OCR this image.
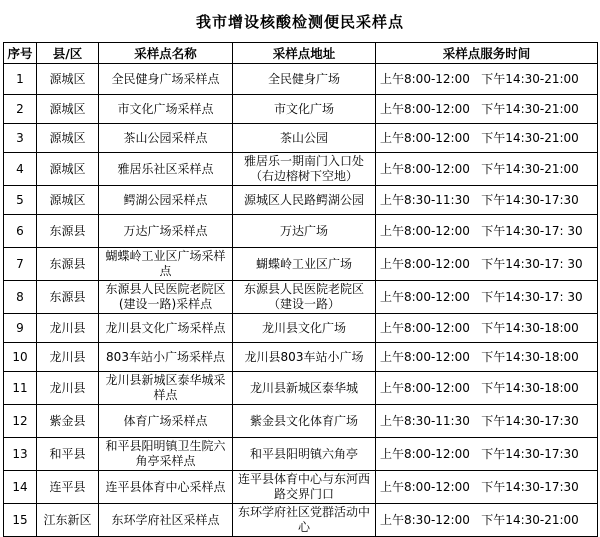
我市增设核酸检测便民采样点
序号	县/区	采样点名称	采样点地址	采样点服务时间
1	源城区	全民健身广场采样点	全民健身广场	上午8:00-12:00   下午14:30-21:00
2	源城区	市文化广场采样点	市文化广场	上午8:00-12:00   下午14:30-21:00
3	源城区	茶山公园采样点	茶山公园	上午8:00-12:00   下午14:30-21:00
4	源城区	雅居乐社区采样点	雅居乐一期南门入口处（右边榕树下空地）	上午8:00-12:00   下午14:30-21:00
5	源城区	鳄湖公园采样点	源城区人民路鳄湖公园	上午8:30-11:30   下午14:30-17:30
6	东源县	万达广场采样点	万达广场	上午8:00-12:00   下午14:30-17: 30
7	东源县	蝴蝶岭工业区广场采样点	蝴蝶岭工业区广场	上午8:00-12:00   下午14:30-17: 30
8	东源县	东源县人民医院老院区(建设一路)采样点	东源县人民医院老院区（建设一路）	上午8:00-12:00   下午14:30-17: 30
9	龙川县	龙川县文化广场采样点	龙川县文化广场	上午8:00-12:00   下午14:30-18:00
10	龙川县	803车站小广场采样点	龙川县803车站小广场	上午8:00-12:00   下午14:30-18:00
11	龙川县	龙川县新城区泰华城采样点	龙川县新城区泰华城	上午8:00-12:00   下午14:30-18:00
12	紫金县	体育广场采样点	紫金县文化体育广场	上午8:30-11:30   下午14:30-17:30
13	和平县	和平县阳明镇卫生院六角亭采样点	和平县阳明镇六角亭	上午8:00-12:00   下午14:30-17:30
14	连平县	连平县体育中心采样点	连平县体育中心与东河西路交界门口	上午8:00-12:00   下午14:30-17:30
15	江东新区	东环学府社区采样点	东环学府社区党群活动中心	上午8:30-12:00   下午14:30-21:00
